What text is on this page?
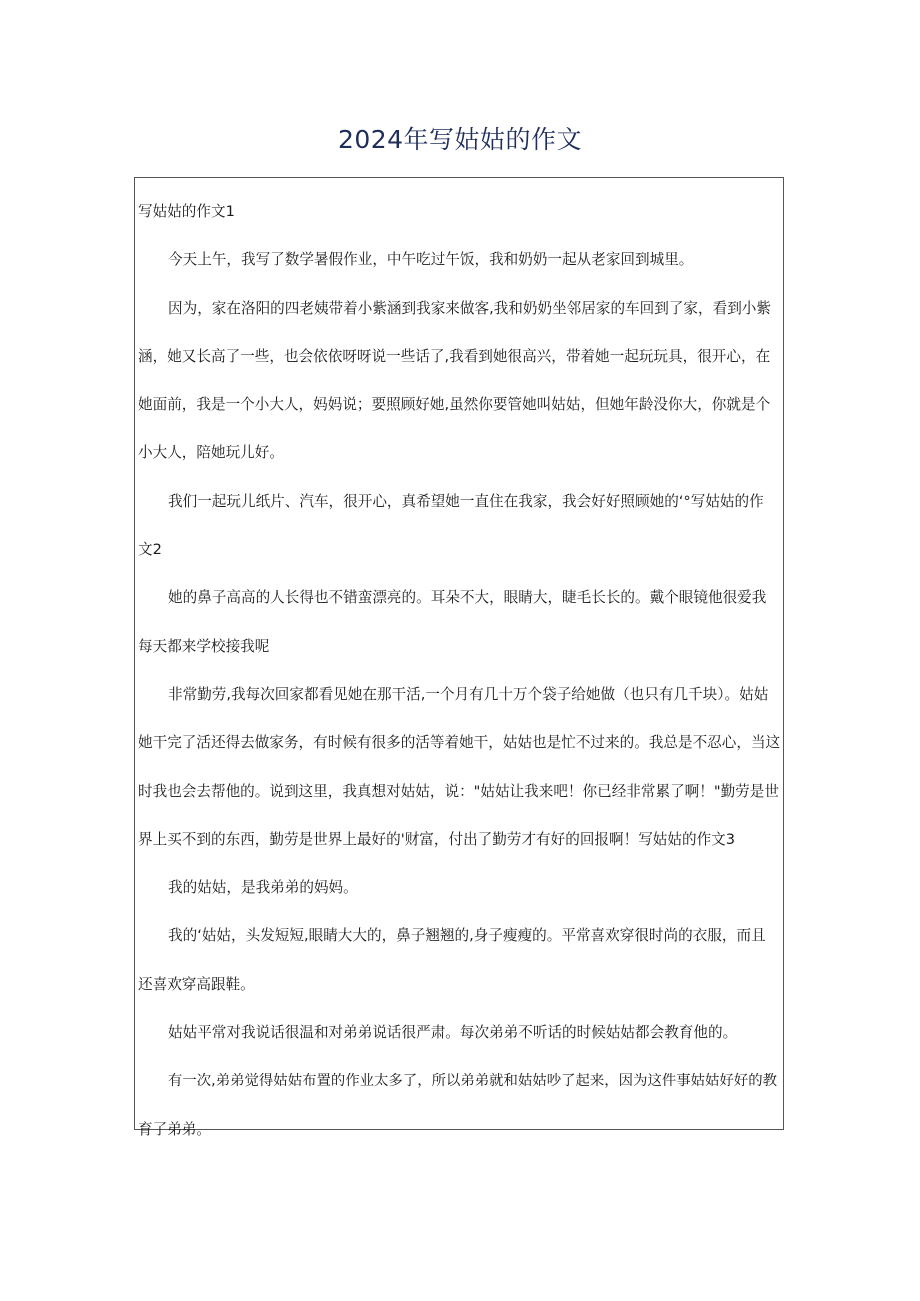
2024年写姑姑的作文
写姑姑的作文1
今天上午，我写了数学暑假作业，中午吃过午饭，我和奶奶一起从老家回到城里。
因为，家在洛阳的四老姨带着小紫涵到我家来做客,我和奶奶坐邻居家的车回到了家，看到小紫
涵，她又长高了一些，也会依依呀呀说一些话了,我看到她很高兴，带着她一起玩玩具，很开心，在
她面前，我是一个小大人，妈妈说；要照顾好她,虽然你要管她叫姑姑，但她年龄没你大，你就是个
小大人，陪她玩儿好。
我们一起玩儿纸片、汽车，很开心，真希望她一直住在我家，我会好好照顾她的‘°写姑姑的作
文2
她的鼻子高高的人长得也不错蛮漂亮的。耳朵不大，眼睛大，睫毛长长的。戴个眼镜他很爱我
每天都来学校接我呢
非常勤劳,我每次回家都看见她在那干活,一个月有几十万个袋子给她做（也只有几千块）。姑姑
她干完了活还得去做家务，有时候有很多的活等着她干，姑姑也是忙不过来的。我总是不忍心，当这
时我也会去帮他的。说到这里，我真想对姑姑，说："姑姑让我来吧！你已经非常累了啊！"勤劳是世
界上买不到的东西，勤劳是世界上最好的'财富，付出了勤劳才有好的回报啊！写姑姑的作文3
我的姑姑，是我弟弟的妈妈。
我的‘姑姑，头发短短,眼睛大大的，鼻子翘翘的,身子瘦瘦的。平常喜欢穿很时尚的衣服，而且
还喜欢穿高跟鞋。
姑姑平常对我说话很温和对弟弟说话很严肃。每次弟弟不听话的时候姑姑都会教育他的。
有一次,弟弟觉得姑姑布置的作业太多了，所以弟弟就和姑姑吵了起来，因为这件事姑姑好好的教
育了弟弟。
